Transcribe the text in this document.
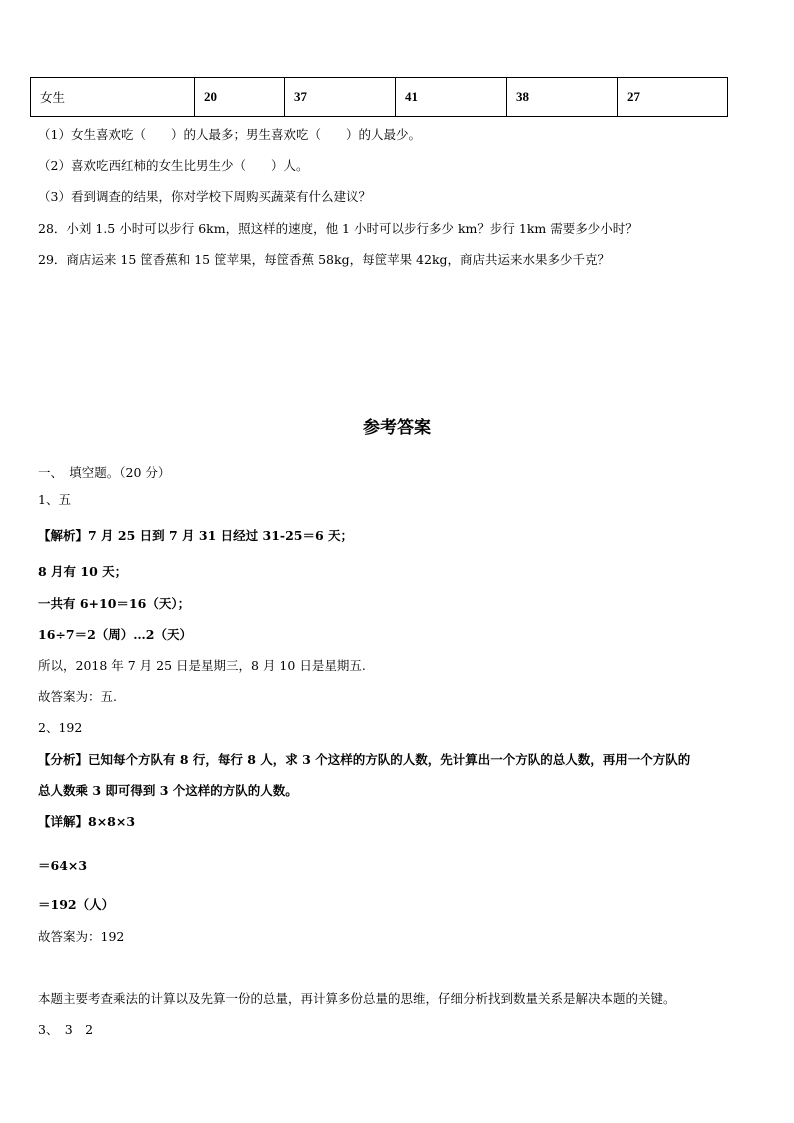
女生	20	37	41	38	27
（1）女生喜欢吃（　　）的人最多；男生喜欢吃（　　）的人最少。
（2）喜欢吃西红柿的女生比男生少（　　）人。
（3）看到调查的结果，你对学校下周购买蔬菜有什么建议？
28．小刘 1.5 小时可以步行 6km，照这样的速度，他 1 小时可以步行多少 km？步行 1km 需要多少小时？
29．商店运来 15 筐香蕉和 15 筐苹果，每筐香蕉 58kg，每筐苹果 42kg，商店共运来水果多少千克？
参考答案
一、　填空题。（20 分）
1、五
【解析】7 月 25 日到 7 月 31 日经过 31-25＝6 天；
8 月有 10 天；
一共有 6+10＝16（天）；
16÷7＝2（周）…2（天）
所以，2018 年 7 月 25 日是星期三，8 月 10 日是星期五.
故答案为：五.
2、192
【分析】已知每个方队有 8 行，每行 8 人，求 3 个这样的方队的人数，先计算出一个方队的总人数，再用一个方队的
总人数乘 3 即可得到 3 个这样的方队的人数。
【详解】8×8×3
＝64×3
＝192（人）
故答案为：192
本题主要考查乘法的计算以及先算一份的总量，再计算多份总量的思维，仔细分析找到数量关系是解决本题的关键。
3、　3　2
